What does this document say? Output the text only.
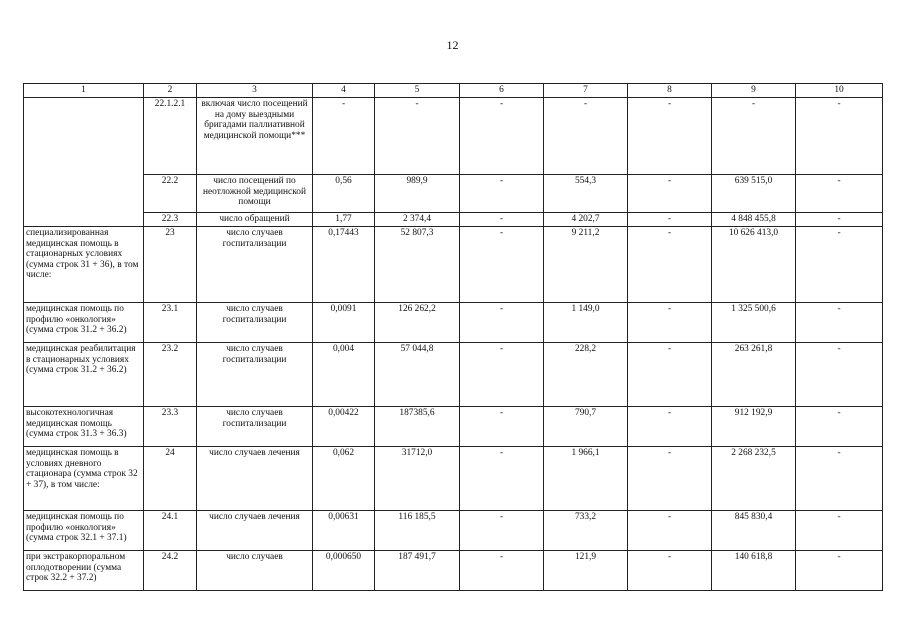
12
1	2	3	4	5	6	7	8	9	10
	22.1.2.1	включая число посещений на дому выездными бригадами паллиативной медицинской помощи***	-	-	-	-	-	-	-
	22.2	число посещений по неотложной медицинской помощи	0,56	989,9	-	554,3	-	639 515,0	-
	22.3	число обращений	1,77	2 374,4	-	4 202,7	-	4 848 455,8	-
специализированная медицинская помощь в стационарных условиях (сумма строк 31 + 36), в том числе:	23	число случаев госпитализации	0,17443	52 807,3	-	9 211,2	-	10 626 413,0	-
медицинская помощь по профилю «онкология» (сумма строк 31.2 + 36.2)	23.1	число случаев госпитализации	0,0091	126 262,2	-	1 149,0	-	1 325 500,6	-
медицинская реабилитация в стационарных условиях (сумма строк 31.2 + 36.2)	23.2	число случаев госпитализации	0,004	57 044,8	-	228,2	-	263 261,8	-
высокотехнологичная медицинская помощь (сумма строк 31.3 + 36.3)	23.3	число случаев госпитализации	0,00422	187385,6	-	790,7	-	912 192,9	-
медицинская помощь в условиях дневного стационара (сумма строк 32 + 37), в том числе:	24	число случаев лечения	0,062	31712,0	-	1 966,1	-	2 268 232,5	-
медицинская помощь по профилю «онкология» (сумма строк 32.1 + 37.1)	24.1	число случаев лечения	0,00631	116 185,5	-	733,2	-	845 830,4	-
при экстракорпоральном оплодотворении (сумма строк 32.2 + 37.2)	24.2	число случаев	0,000650	187 491,7	-	121,9	-	140 618,8	-
